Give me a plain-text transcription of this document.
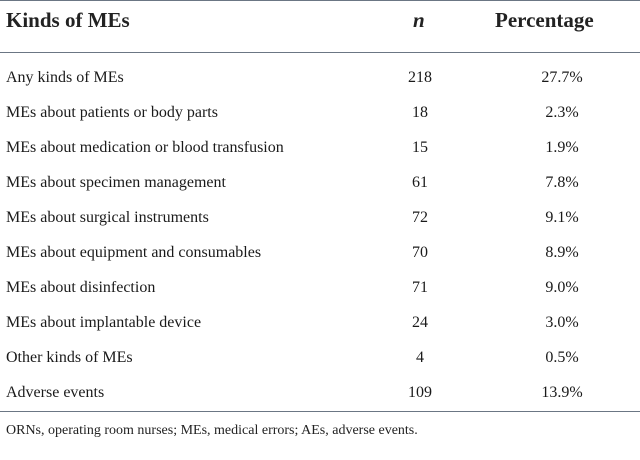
Kinds of MEs	n	Percentage
Any kinds of MEs	218	27.7%
MEs about patients or body parts	18	2.3%
MEs about medication or blood transfusion	15	1.9%
MEs about specimen management	61	7.8%
MEs about surgical instruments	72	9.1%
MEs about equipment and consumables	70	8.9%
MEs about disinfection	71	9.0%
MEs about implantable device	24	3.0%
Other kinds of MEs	4	0.5%
Adverse events	109	13.9%
ORNs, operating room nurses; MEs, medical errors; AEs, adverse events.
